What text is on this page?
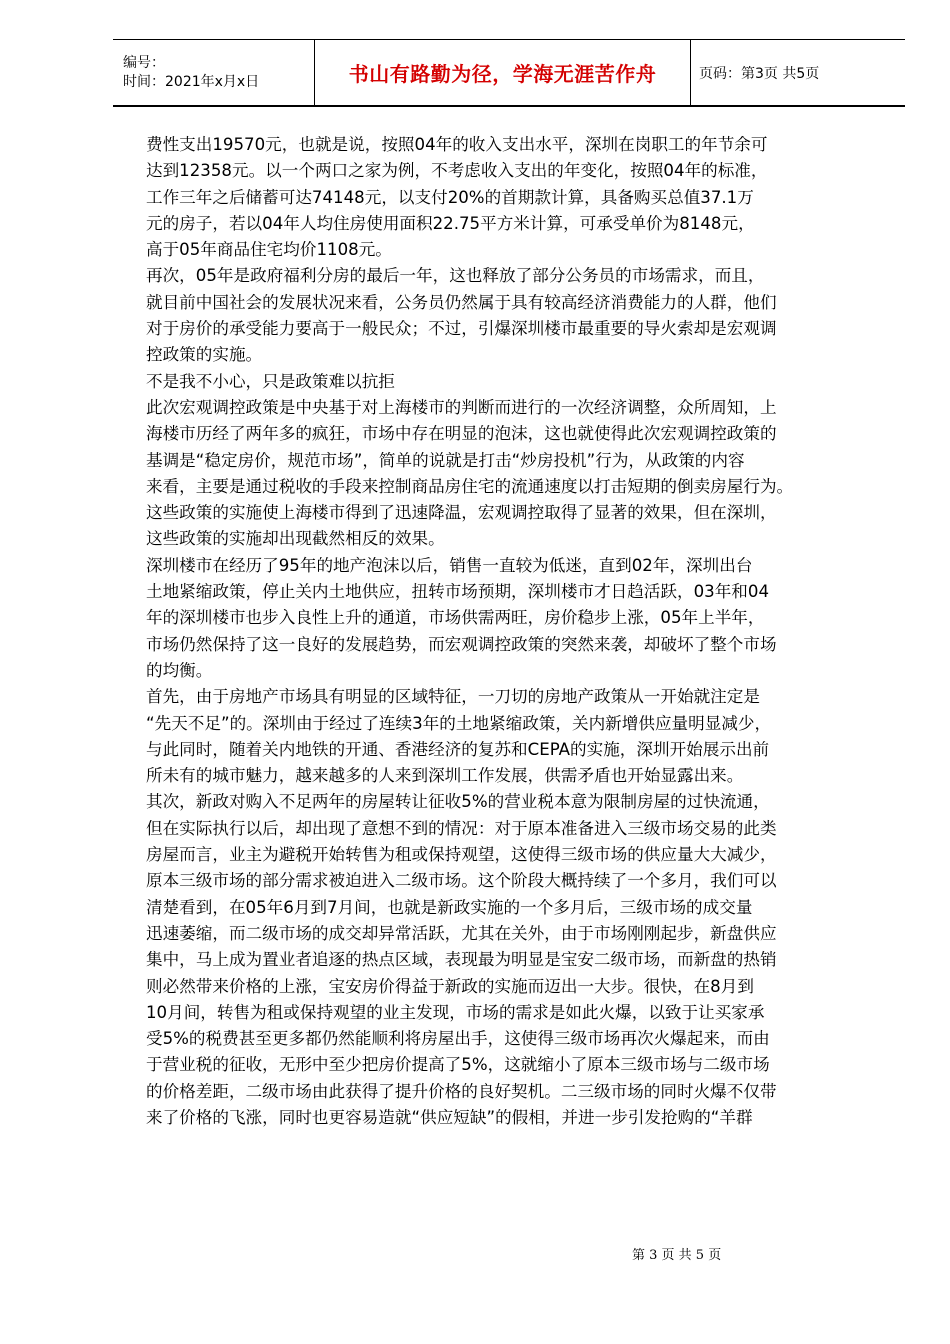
编号：
时间：2021年x月x日	书山有路勤为径，学海无涯苦作舟	页码：第3页 共5页

费性支出19570元，也就是说，按照04年的收入支出水平，深圳在岗职工的年节余可

达到12358元。以一个两口之家为例，不考虑收入支出的年变化，按照04年的标准，

工作三年之后储蓄可达74148元，以支付20%的首期款计算，具备购买总值37.1万

元的房子，若以04年人均住房使用面积22.75平方米计算，可承受单价为8148元，

高于05年商品住宅均价1108元。

再次，05年是政府福利分房的最后一年，这也释放了部分公务员的市场需求，而且，

就目前中国社会的发展状况来看，公务员仍然属于具有较高经济消费能力的人群，他们

对于房价的承受能力要高于一般民众；不过，引爆深圳楼市最重要的导火索却是宏观调

控政策的实施。

不是我不小心，只是政策难以抗拒

此次宏观调控政策是中央基于对上海楼市的判断而进行的一次经济调整，众所周知，上

海楼市历经了两年多的疯狂，市场中存在明显的泡沫，这也就使得此次宏观调控政策的

基调是“稳定房价，规范市场”，简单的说就是打击“炒房投机”行为，从政策的内容

来看，主要是通过税收的手段来控制商品房住宅的流通速度以打击短期的倒卖房屋行为。

这些政策的实施使上海楼市得到了迅速降温，宏观调控取得了显著的效果，但在深圳，

这些政策的实施却出现截然相反的效果。

深圳楼市在经历了95年的地产泡沫以后，销售一直较为低迷，直到02年，深圳出台

土地紧缩政策，停止关内土地供应，扭转市场预期，深圳楼市才日趋活跃，03年和04

年的深圳楼市也步入良性上升的通道，市场供需两旺，房价稳步上涨，05年上半年，

市场仍然保持了这一良好的发展趋势，而宏观调控政策的突然来袭，却破坏了整个市场

的均衡。

首先，由于房地产市场具有明显的区域特征，一刀切的房地产政策从一开始就注定是

“先天不足”的。深圳由于经过了连续3年的土地紧缩政策，关内新增供应量明显减少，

与此同时，随着关内地铁的开通、香港经济的复苏和CEPA的实施，深圳开始展示出前

所未有的城市魅力，越来越多的人来到深圳工作发展，供需矛盾也开始显露出来。

其次，新政对购入不足两年的房屋转让征收5%的营业税本意为限制房屋的过快流通，

但在实际执行以后，却出现了意想不到的情况：对于原本准备进入三级市场交易的此类

房屋而言，业主为避税开始转售为租或保持观望，这使得三级市场的供应量大大减少，

原本三级市场的部分需求被迫进入二级市场。这个阶段大概持续了一个多月，我们可以

清楚看到，在05年6月到7月间，也就是新政实施的一个多月后，三级市场的成交量

迅速萎缩，而二级市场的成交却异常活跃，尤其在关外，由于市场刚刚起步，新盘供应

集中，马上成为置业者追逐的热点区域，表现最为明显是宝安二级市场，而新盘的热销

则必然带来价格的上涨，宝安房价得益于新政的实施而迈出一大步。很快，在8月到

10月间，转售为租或保持观望的业主发现，市场的需求是如此火爆，以致于让买家承

受5%的税费甚至更多都仍然能顺利将房屋出手，这使得三级市场再次火爆起来，而由

于营业税的征收，无形中至少把房价提高了5%，这就缩小了原本三级市场与二级市场

的价格差距，二级市场由此获得了提升价格的良好契机。二三级市场的同时火爆不仅带

来了价格的飞涨，同时也更容易造就“供应短缺”的假相，并进一步引发抢购的“羊群

第 3 页 共 5 页
